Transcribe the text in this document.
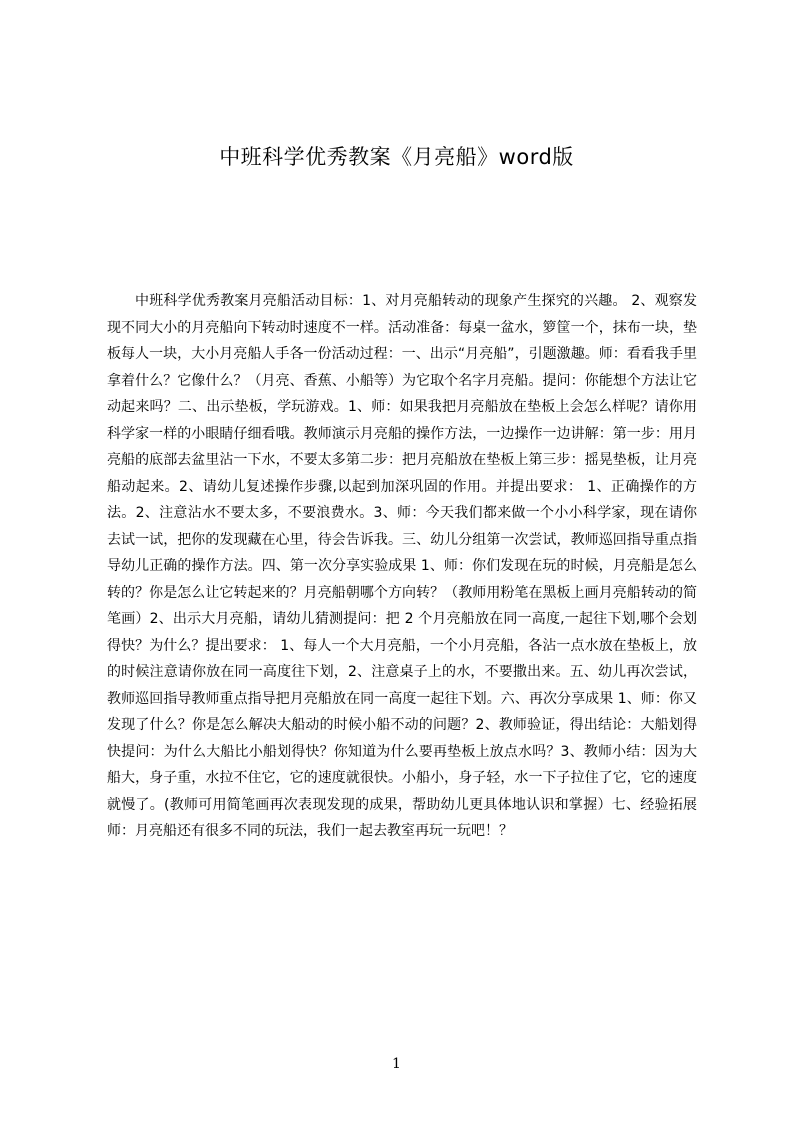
中班科学优秀教案《月亮船》word版

中班科学优秀教案月亮船活动目标：1、对月亮船转动的现象产生探究的兴趣。 2、观察发现不同大小的月亮船向下转动时速度不一样。活动准备：每桌一盆水，箩筐一个，抹布一块，垫板每人一块，大小月亮船人手各一份活动过程：一、出示“月亮船”，引题激趣。师：看看我手里拿着什么？它像什么？（月亮、香蕉、小船等）为它取个名字月亮船。提问：你能想个方法让它动起来吗？二、出示垫板，学玩游戏。1、师：如果我把月亮船放在垫板上会怎么样呢？请你用科学家一样的小眼睛仔细看哦。教师演示月亮船的操作方法，一边操作一边讲解：第一步：用月亮船的底部去盆里沾一下水，不要太多第二步：把月亮船放在垫板上第三步：摇晃垫板，让月亮船动起来。2、请幼儿复述操作步骤,以起到加深巩固的作用。并提出要求： 1、正确操作的方法。2、注意沾水不要太多，不要浪费水。3、师：今天我们都来做一个小小科学家，现在请你去试一试，把你的发现藏在心里，待会告诉我。三、幼儿分组第一次尝试，教师巡回指导重点指导幼儿正确的操作方法。四、第一次分享实验成果 1、师：你们发现在玩的时候，月亮船是怎么转的？你是怎么让它转起来的？月亮船朝哪个方向转？（教师用粉笔在黑板上画月亮船转动的简笔画）2、出示大月亮船，请幼儿猜测提问：把 2 个月亮船放在同一高度,一起往下划,哪个会划得快？为什么？提出要求： 1、每人一个大月亮船，一个小月亮船，各沾一点水放在垫板上，放的时候注意请你放在同一高度往下划，2、注意桌子上的水，不要撒出来。五、幼儿再次尝试，教师巡回指导教师重点指导把月亮船放在同一高度一起往下划。六、再次分享成果 1、师：你又发现了什么？你是怎么解决大船动的时候小船不动的问题？2、教师验证，得出结论：大船划得快提问：为什么大船比小船划得快？你知道为什么要再垫板上放点水吗？3、教师小结：因为大船大，身子重，水拉不住它，它的速度就很快。小船小，身子轻，水一下子拉住了它，它的速度就慢了。(教师可用简笔画再次表现发现的成果，帮助幼儿更具体地认识和掌握）七、经验拓展师：月亮船还有很多不同的玩法，我们一起去教室再玩一玩吧！？

1
